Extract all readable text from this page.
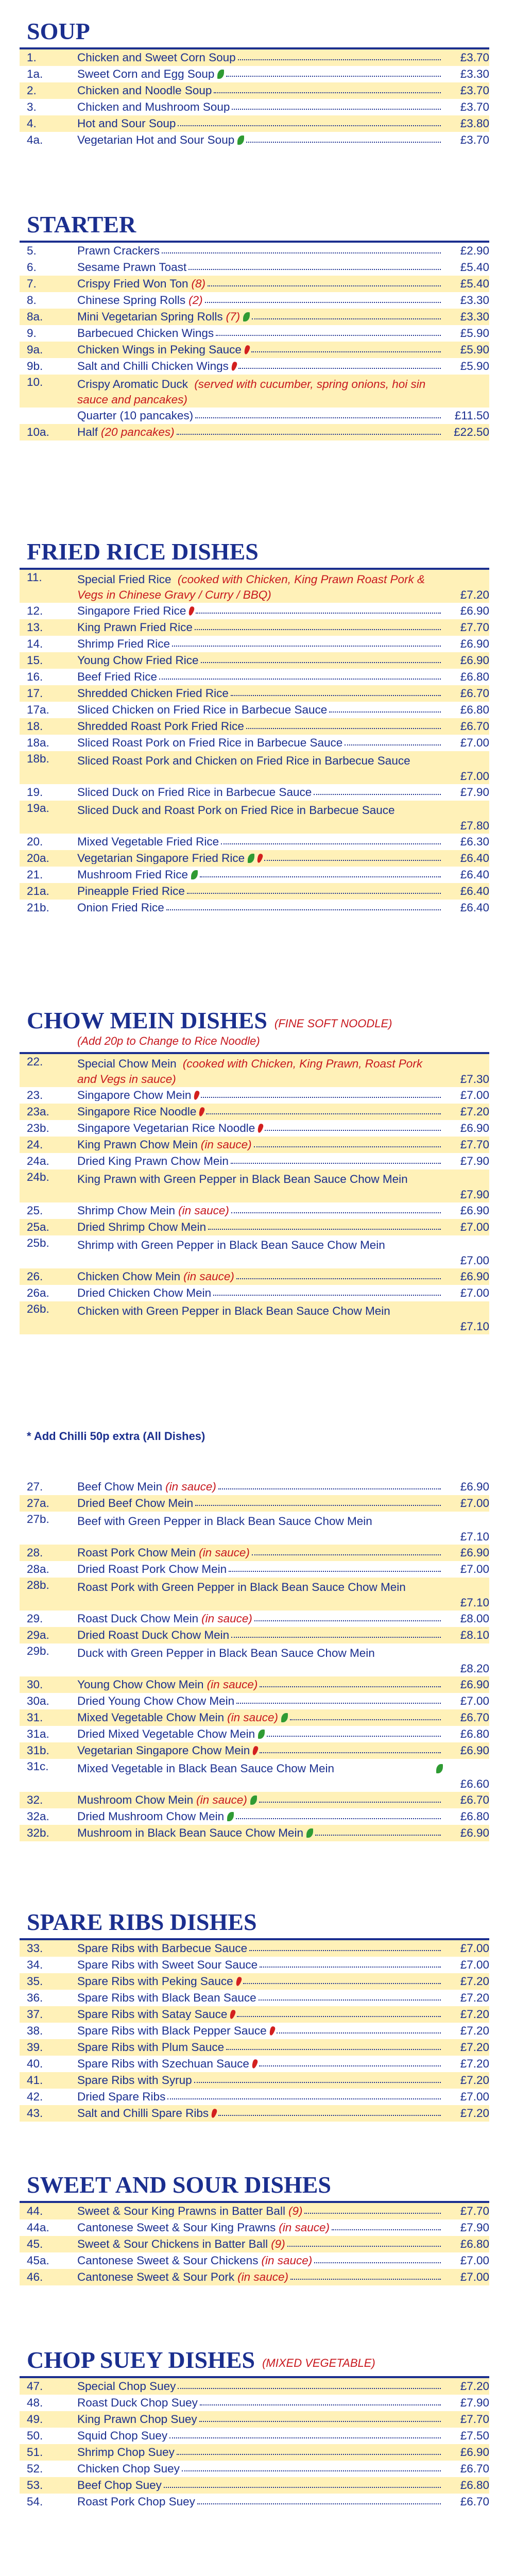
* Add Chilli 50p extra (All Dishes)
SOUP
1.	Chicken and Sweet Corn Soup	£3.70
1a.	Sweet Corn and Egg Soup	£3.30
2.	Chicken and Noodle Soup	£3.70
3.	Chicken and Mushroom Soup	£3.70
4.	Hot and Sour Soup	£3.80
4a.	Vegetarian Hot and Sour Soup	£3.70
STARTER
5.	Prawn Crackers	£2.90
6.	Sesame Prawn Toast	£5.40
7.	Crispy Fried Won Ton (8)	£5.40
8.	Chinese Spring Rolls (2)	£3.30
8a.	Mini Vegetarian Spring Rolls (7)	£3.30
9.	Barbecued Chicken Wings	£5.90
9a.	Chicken Wings in Peking Sauce	£5.90
9b.	Salt and Chilli Chicken Wings	£5.90
10.	Crispy Aromatic Duck (served with cucumber, spring onions, hoi sin sauce and pancakes)
Quarter (10 pancakes)	£11.50
10a.	Half (20 pancakes)	£22.50
FRIED RICE DISHES
11.	Special Fried Rice (cooked with Chicken, King Prawn Roast Pork & Vegs in Chinese Gravy / Curry / BBQ)	£7.20
12.	Singapore Fried Rice	£6.90
13.	King Prawn Fried Rice	£7.70
14.	Shrimp Fried Rice	£6.90
15.	Young Chow Fried Rice	£6.90
16.	Beef Fried Rice	£6.80
17.	Shredded Chicken Fried Rice	£6.70
17a.	Sliced Chicken on Fried Rice in Barbecue Sauce	£6.80
18.	Shredded Roast Pork Fried Rice	£6.70
18a.	Sliced Roast Pork on Fried Rice in Barbecue Sauce	£7.00
18b.	Sliced Roast Pork and Chicken on Fried Rice in Barbecue Sauce
£7.00
19.	Sliced Duck on Fried Rice in Barbecue Sauce	£7.90
19a.	Sliced Duck and Roast Pork on Fried Rice in Barbecue Sauce
£7.80
20.	Mixed Vegetable Fried Rice	£6.30
20a.	Vegetarian Singapore Fried Rice	£6.40
21.	Mushroom Fried Rice	£6.40
21a.	Pineapple Fried Rice	£6.40
21b.	Onion Fried Rice	£6.40
CHOW MEIN DISHES (FINE SOFT NOODLE)
(Add 20p to Change to Rice Noodle)
22.	Special Chow Mein (cooked with Chicken, King Prawn, Roast Pork and Vegs in sauce)	£7.30
23.	Singapore Chow Mein	£7.00
23a.	Singapore Rice Noodle	£7.20
23b.	Singapore Vegetarian Rice Noodle	£6.90
24.	King Prawn Chow Mein (in sauce)	£7.70
24a.	Dried King Prawn Chow Mein	£7.90
24b.	King Prawn with Green Pepper in Black Bean Sauce Chow Mein
£7.90
25.	Shrimp Chow Mein (in sauce)	£6.90
25a.	Dried Shrimp Chow Mein	£7.00
25b.	Shrimp with Green Pepper in Black Bean Sauce Chow Mein
£7.00
26.	Chicken Chow Mein (in sauce)	£6.90
26a.	Dried Chicken Chow Mein	£7.00
26b.	Chicken with Green Pepper in Black Bean Sauce Chow Mein
£7.10
27.	Beef Chow Mein (in sauce)	£6.90
27a.	Dried Beef Chow Mein	£7.00
27b.	Beef with Green Pepper in Black Bean Sauce Chow Mein
£7.10
28.	Roast Pork Chow Mein (in sauce)	£6.90
28a.	Dried Roast Pork Chow Mein	£7.00
28b.	Roast Pork with Green Pepper in Black Bean Sauce Chow Mein
£7.10
29.	Roast Duck Chow Mein (in sauce)	£8.00
29a.	Dried Roast Duck Chow Mein	£8.10
29b.	Duck with Green Pepper in Black Bean Sauce Chow Mein
£8.20
30.	Young Chow Chow Mein (in sauce)	£6.90
30a.	Dried Young Chow Chow Mein	£7.00
31.	Mixed Vegetable Chow Mein (in sauce)	£6.70
31a.	Dried Mixed Vegetable Chow Mein	£6.80
31b.	Vegetarian Singapore Chow Mein	£6.90
31c.	Mixed Vegetable in Black Bean Sauce Chow Mein
£6.60
32.	Mushroom Chow Mein (in sauce)	£6.70
32a.	Dried Mushroom Chow Mein	£6.80
32b.	Mushroom in Black Bean Sauce Chow Mein	£6.90
SPARE RIBS DISHES
33.	Spare Ribs with Barbecue Sauce	£7.00
34.	Spare Ribs with Sweet Sour Sauce	£7.00
35.	Spare Ribs with Peking Sauce	£7.20
36.	Spare Ribs with Black Bean Sauce	£7.20
37.	Spare Ribs with Satay Sauce	£7.20
38.	Spare Ribs with Black Pepper Sauce	£7.20
39.	Spare Ribs with Plum Sauce	£7.20
40.	Spare Ribs with Szechuan Sauce	£7.20
41.	Spare Ribs with Syrup	£7.20
42.	Dried Spare Ribs	£7.00
43.	Salt and Chilli Spare Ribs	£7.20
SWEET AND SOUR DISHES
44.	Sweet & Sour King Prawns in Batter Ball (9)	£7.70
44a.	Cantonese Sweet & Sour King Prawns (in sauce)	£7.90
45.	Sweet & Sour Chickens in Batter Ball (9)	£6.80
45a.	Cantonese Sweet & Sour Chickens (in sauce)	£7.00
46.	Cantonese Sweet & Sour Pork (in sauce)	£7.00
CHOP SUEY DISHES (MIXED VEGETABLE)
47.	Special Chop Suey	£7.20
48.	Roast Duck Chop Suey	£7.90
49.	King Prawn Chop Suey	£7.70
50.	Squid Chop Suey	£7.50
51.	Shrimp Chop Suey	£6.90
52.	Chicken Chop Suey	£6.70
53.	Beef Chop Suey	£6.80
54.	Roast Pork Chop Suey	£6.70
